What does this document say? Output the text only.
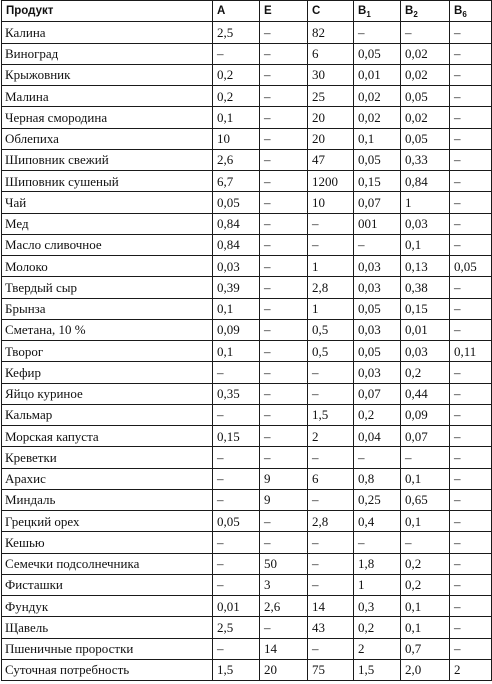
Продукт	А	Е	С	$В_1$	$В_2$	$В_6$
Калина	2,5	–	82	–	–	–
Виноград	–	–	6	0,05	0,02	–
Крыжовник	0,2	–	30	0,01	0,02	–
Малина	0,2	–	25	0,02	0,05	–
Черная смородина	0,1	–	20	0,02	0,02	–
Облепиха	10	–	20	0,1	0,05	–
Шиповник свежий	2,6	–	47	0,05	0,33	–
Шиповник сушеный	6,7	–	1200	0,15	0,84	–
Чай	0,05	–	10	0,07	1	–
Мед	0,84	–	–	001	0,03	–
Масло сливочное	0,84	–	–	–	0,1	–
Молоко	0,03	–	1	0,03	0,13	0,05
Твердый сыр	0,39	–	2,8	0,03	0,38	–
Брынза	0,1	–	1	0,05	0,15	–
Сметана, 10 %	0,09	–	0,5	0,03	0,01	–
Творог	0,1	–	0,5	0,05	0,03	0,11
Кефир	–	–	–	0,03	0,2	–
Яйцо куриное	0,35	–	–	0,07	0,44	–
Кальмар	–	–	1,5	0,2	0,09	–
Морская капуста	0,15	–	2	0,04	0,07	–
Креветки	–	–	–	–	–	–
Арахис	–	9	6	0,8	0,1	–
Миндаль	–	9	–	0,25	0,65	–
Грецкий орех	0,05	–	2,8	0,4	0,1	–
Кешью	–	–	–	–	–	–
Семечки подсолнечника	–	50	–	1,8	0,2	–
Фисташки	–	3	–	1	0,2	–
Фундук	0,01	2,6	14	0,3	0,1	–
Щавель	2,5	–	43	0,2	0,1	–
Пшеничные проростки	–	14	–	2	0,7	–
Суточная потребность	1,5	20	75	1,5	2,0	2
